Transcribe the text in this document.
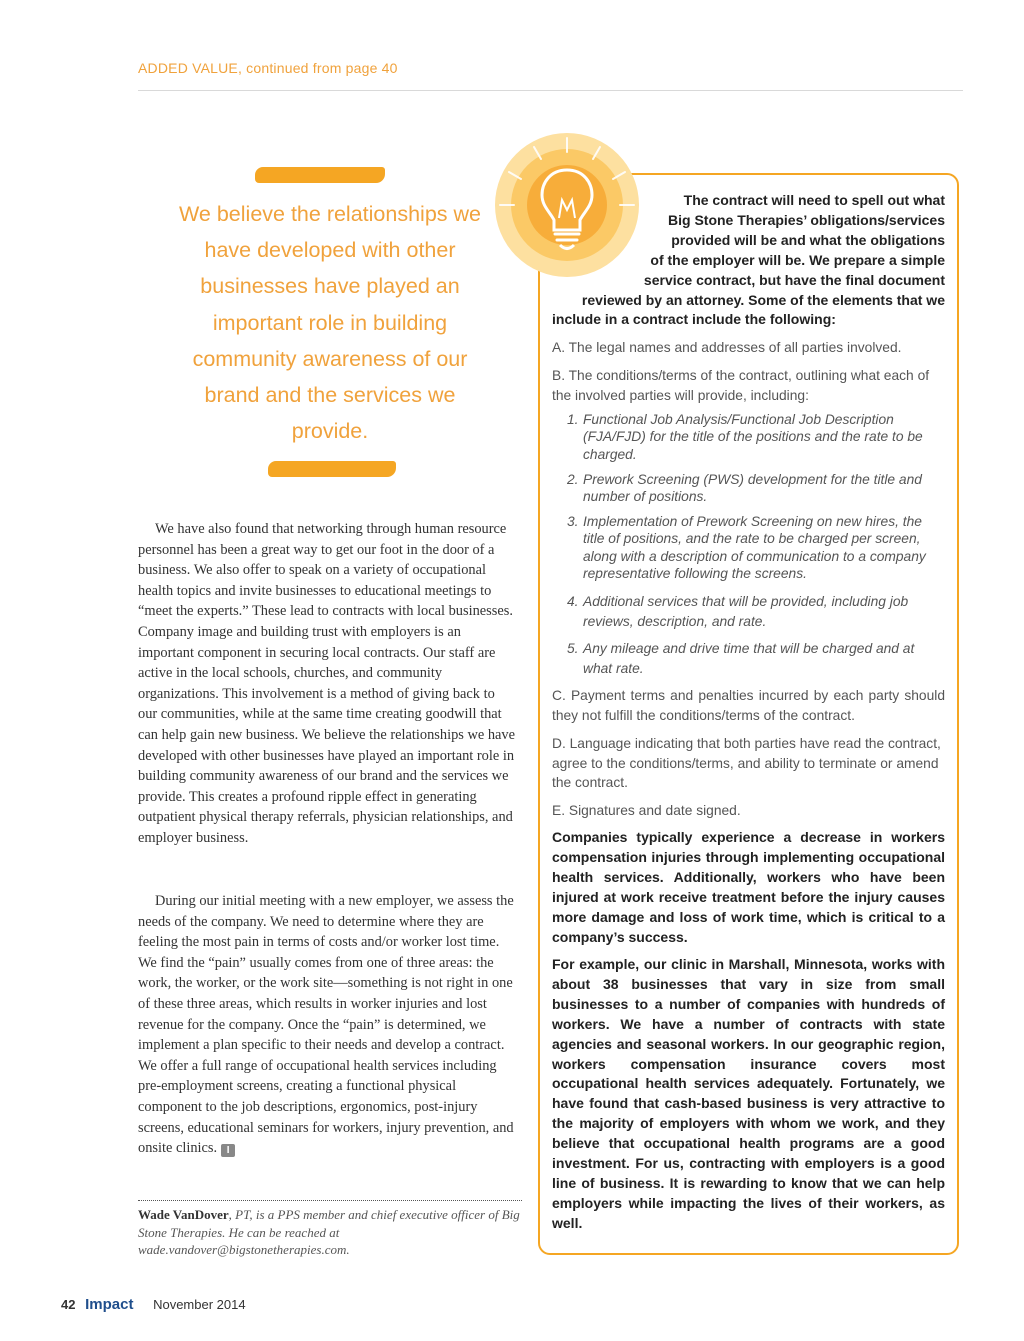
ADDED VALUE, continued from page 40
We believe the relationships we have developed with other businesses have played an important role in building community awareness of our brand and the services we provide.

We have also found that networking through human resource personnel has been a great way to get our foot in the door of a business. We also offer to speak on a variety of occupational health topics and invite businesses to educational meetings to “meet the experts.” These lead to contracts with local businesses. Company image and building trust with employers is an important component in securing local contracts. Our staff are active in the local schools, churches, and community organizations. This involvement is a method of giving back to our communities, while at the same time creating goodwill that can help gain new business. We believe the relationships we have developed with other businesses have played an important role in building community awareness of our brand and the services we provide. This creates a profound ripple effect in generating outpatient physical therapy referrals, physician relationships, and employer business.

During our initial meeting with a new employer, we assess the needs of the company. We need to determine where they are feeling the most pain in terms of costs and/or worker lost time. We find the “pain” usually comes from one of three areas: the work, the worker, or the work site—something is not right in one of these three areas, which results in worker injuries and lost revenue for the company. Once the “pain” is determined, we implement a plan specific to their needs and develop a contract. We offer a full range of occupational health services including pre-employment screens, creating a functional physical component to the job descriptions, ergonomics, post-injury screens, educational seminars for workers, injury prevention, and onsite clinics. I

Wade VanDover, PT, is a PPS member and chief executive officer of Big Stone Therapies. He can be reached at wade.vandover@bigstonetherapies.com.
The contract will need to spell out what
Big Stone Therapies’ obligations/services
provided will be and what the obligations
of the employer will be. We prepare a simple
service contract, but have the final document
reviewed by an attorney. Some of the elements that we
include in a contract include the following:
A. The legal names and addresses of all parties involved.
B. The conditions/terms of the contract, outlining what each of the involved parties will provide, including:
1. Functional Job Analysis/Functional Job Description (FJA/FJD) for the title of the positions and the rate to be charged.
2. Prework Screening (PWS) development for the title and number of positions.
3. Implementation of Prework Screening on new hires, the title of positions, and the rate to be charged per screen, along with a description of communication to a company representative following the screens.
4. Additional services that will be provided, including job reviews, description, and rate.
5. Any mileage and drive time that will be charged and at what rate.
C. Payment terms and penalties incurred by each party should they not fulfill the conditions/terms of the contract.
D. Language indicating that both parties have read the contract, agree to the conditions/terms, and ability to terminate or amend the contract.
E. Signatures and date signed.
Companies typically experience a decrease in workers compensation injuries through implementing occupational health services. Additionally, workers who have been injured at work receive treatment before the injury causes more damage and loss of work time, which is critical to a company’s success.
For example, our clinic in Marshall, Minnesota, works with about 38 businesses that vary in size from small businesses to a number of companies with hundreds of workers. We have a number of contracts with state agencies and seasonal workers. In our geographic region, workers compensation insurance covers most occupational health services adequately. Fortunately, we have found that cash-based business is very attractive to the majority of employers with whom we work, and they believe that occupational health programs are a good investment. For us, contracting with employers is a good line of business. It is rewarding to know that we can help employers while impacting the lives of their workers, as well.
42 Impact November 2014
